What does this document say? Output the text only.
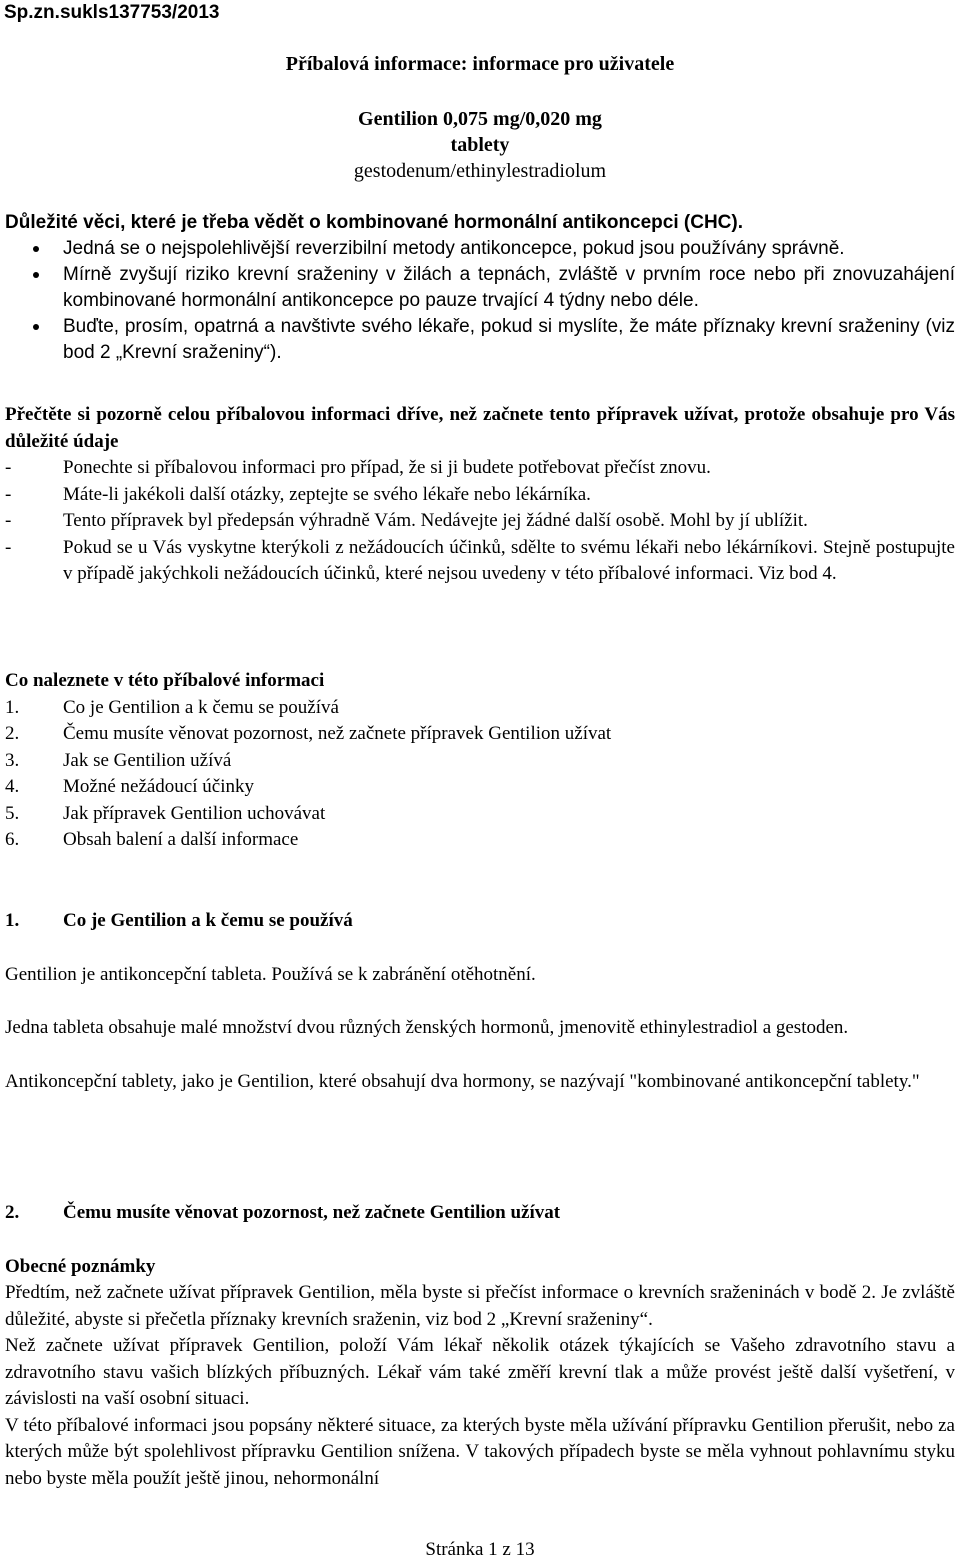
Sp.zn.sukls137753/2013
Příbalová informace: informace pro uživatele
Gentilion 0,075 mg/0,020 mg
tablety
gestodenum/ethinylestradiolum
Důležité věci, které je třeba vědět o kombinované hormonální antikoncepci (CHC).
Jedná se o nejspolehlivější reverzibilní metody antikoncepce, pokud jsou používány správně.
Mírně zvyšují riziko krevní sraženiny v žilách a tepnách, zvláště v prvním roce nebo při znovuzahájení kombinované hormonální antikoncepce po pauze trvající 4 týdny nebo déle.
Buďte, prosím, opatrná a navštivte svého lékaře, pokud si myslíte, že máte příznaky krevní sraženiny (viz bod 2 „Krevní sraženiny“).

Přečtěte si pozorně celou příbalovou informaci dříve, než začnete tento přípravek užívat, protože obsahuje pro Vás důležité údaje

-	Ponechte si příbalovou informaci pro případ, že si ji budete potřebovat přečíst znovu.
-	Máte-li jakékoli další otázky, zeptejte se svého lékaře nebo lékárníka.
-	Tento přípravek byl předepsán výhradně Vám. Nedávejte jej žádné další osobě. Mohl by jí ublížit.
-	Pokud se u Vás vyskytne kterýkoli z nežádoucích účinků, sdělte to svému lékaři nebo lékárníkovi. Stejně postupujte v případě jakýchkoli nežádoucích účinků, které nejsou uvedeny v této příbalové informaci. Viz bod 4.

Co naleznete v této příbalové informaci

1. Co je Gentilion a k čemu se používá
2. Čemu musíte věnovat pozornost, než začnete přípravek Gentilion užívat
3. Jak se Gentilion užívá
4. Možné nežádoucí účinky
5. Jak přípravek Gentilion uchovávat
6. Obsah balení a další informace
1. Co je Gentilion a k čemu se používá

Gentilion je antikoncepční tableta. Používá se k zabránění otěhotnění.

Jedna tableta obsahuje malé množství dvou různých ženských hormonů, jmenovitě ethinylestradiol a gestoden.

Antikoncepční tablety, jako je Gentilion, které obsahují dva hormony, se nazývají "kombinované antikoncepční tablety."

2. Čemu musíte věnovat pozornost, než začnete Gentilion užívat

Obecné poznámky

Předtím, než začnete užívat přípravek Gentilion, měla byste si přečíst informace o krevních sraženinách v bodě 2. Je zvláště důležité, abyste si přečetla příznaky krevních sraženin, viz bod 2 „Krevní sraženiny“.

Než začnete užívat přípravek Gentilion, položí Vám lékař několik otázek týkajících se Vašeho zdravotního stavu a zdravotního stavu vašich blízkých příbuzných. Lékař vám také změří krevní tlak a může provést ještě další vyšetření, v závislosti na vaší osobní situaci.

V této příbalové informaci jsou popsány některé situace, za kterých byste měla užívání přípravku Gentilion přerušit, nebo za kterých může být spolehlivost přípravku Gentilion snížena. V takových případech byste se měla vyhnout pohlavnímu styku nebo byste měla použít ještě jinou, nehormonální

Stránka 1 z 13
